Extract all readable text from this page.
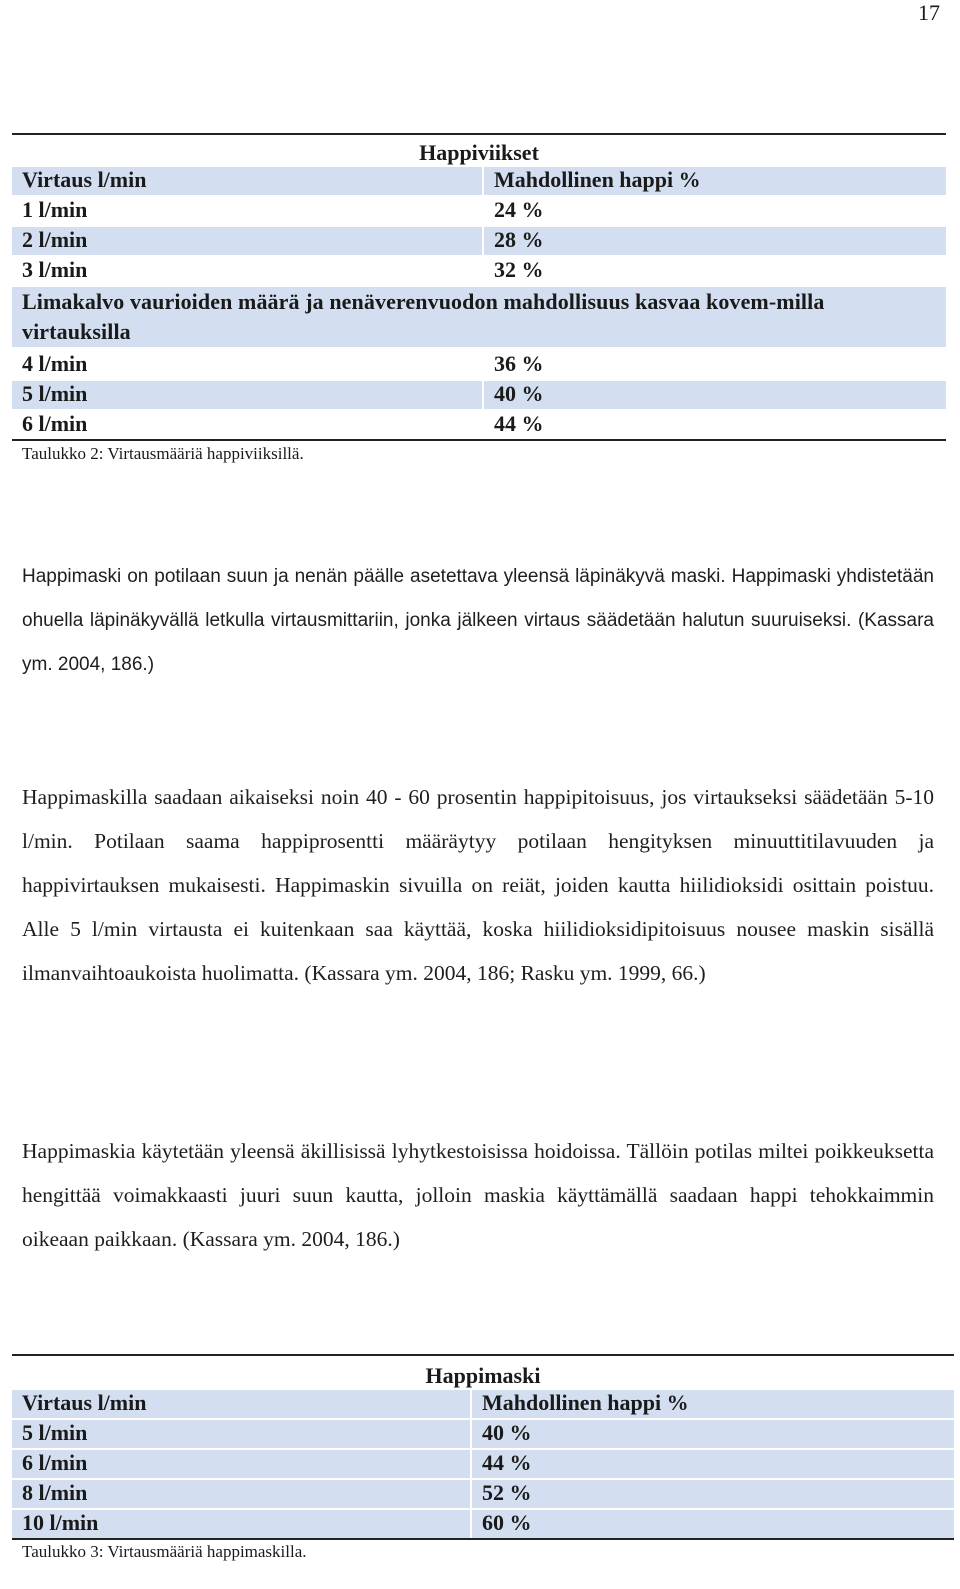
17
Happiviikset
Virtaus l/min	Mahdollinen happi %
1 l/min	24 %
2 l/min	28 %
3 l/min	32 %
Limakalvo vaurioiden määrä ja nenäverenvuodon mahdollisuus kasvaa kovem-milla virtauksilla
4 l/min	36 %
5 l/min	40 %
6 l/min	44 %
Taulukko 2: Virtausmääriä happiviiksillä.
Happimaski on potilaan suun ja nenän päälle asetettava yleensä läpinäkyvä maski. Happimaski yhdistetään ohuella läpinäkyvällä letkulla virtausmittariin, jonka jälkeen virtaus säädetään halutun suuruiseksi. (Kassara ym. 2004, 186.)
Happimaskilla saadaan aikaiseksi noin 40 - 60 prosentin happipitoisuus, jos virtaukseksi säädetään 5-10 l/min. Potilaan saama happiprosentti määräytyy potilaan hengityksen minuuttitilavuuden ja happivirtauksen mukaisesti. Happimaskin sivuilla on reiät, joiden kautta hiilidioksidi osittain poistuu. Alle 5 l/min virtausta ei kuitenkaan saa käyttää, koska hiilidioksidipitoisuus nousee maskin sisällä ilmanvaihtoaukoista huolimatta. (Kassara ym. 2004, 186; Rasku ym. 1999, 66.)
Happimaskia käytetään yleensä äkillisissä lyhytkestoisissa hoidoissa. Tällöin potilas miltei poikkeuksetta hengittää voimakkaasti juuri suun kautta, jolloin maskia käyttämällä saadaan happi tehokkaimmin oikeaan paikkaan. (Kassara ym. 2004, 186.)
Happimaski
Virtaus l/min	Mahdollinen happi %
5 l/min	40 %
6 l/min	44 %
8 l/min	52 %
10 l/min	60 %
Taulukko 3: Virtausmääriä happimaskilla.
